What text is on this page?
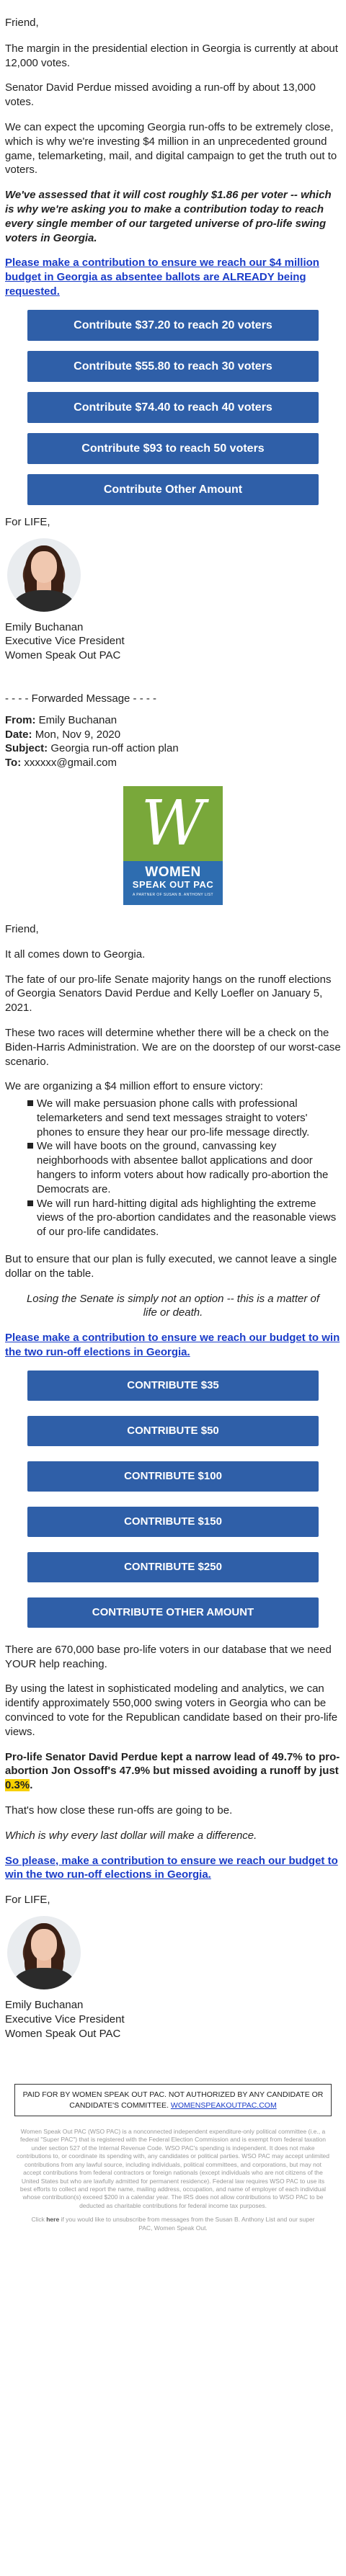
Friend,

The margin in the presidential election in Georgia is currently at about 12,000 votes.

Senator David Perdue missed avoiding a run-off by about 13,000 votes.

We can expect the upcoming Georgia run-offs to be extremely close, which is why we're investing $4 million in an unprecedented ground game, telemarketing, mail, and digital campaign to get the truth out to voters.

We've assessed that it will cost roughly $1.86 per voter -- which is why we're asking you to make a contribution today to reach every single member of our targeted universe of pro-life swing voters in Georgia.

Please make a contribution to ensure we reach our $4 million budget in Georgia as absentee ballots are ALREADY being requested.

Contribute $37.20 to reach 20 voters
Contribute $55.80 to reach 30 voters
Contribute $74.40 to reach 40 voters
Contribute $93 to reach 50 voters
Contribute Other Amount

For LIFE,

Emily Buchanan
Executive Vice President
Women Speak Out PAC
- - - - Forwarded Message - - - -
From: Emily Buchanan
Date: Mon, Nov 9, 2020
Subject: Georgia run-off action plan
To: xxxxxx@gmail.com
W
WOMEN
SPEAK OUT PAC
A PARTNER OF SUSAN B. ANTHONY LIST

Friend,

It all comes down to Georgia.

The fate of our pro-life Senate majority hangs on the runoff elections of Georgia Senators David Perdue and Kelly Loefler on January 5, 2021.

These two races will determine whether there will be a check on the Biden-Harris Administration. We are on the doorstep of our worst-case scenario.

We are organizing a $4 million effort to ensure victory:

We will make persuasion phone calls with professional telemarketers and send text messages straight to voters' phones to ensure they hear our pro-life message directly.
We will have boots on the ground, canvassing key neighborhoods with absentee ballot applications and door hangers to inform voters about how radically pro-abortion the Democrats are.
We will run hard-hitting digital ads highlighting the extreme views of the pro-abortion candidates and the reasonable views of our pro-life candidates.

But to ensure that our plan is fully executed, we cannot leave a single dollar on the table.

Losing the Senate is simply not an option -- this is a matter of life or death.

Please make a contribution to ensure we reach our budget to win the two run-off elections in Georgia.

CONTRIBUTE $35
CONTRIBUTE $50
CONTRIBUTE $100
CONTRIBUTE $150
CONTRIBUTE $250
CONTRIBUTE OTHER AMOUNT

There are 670,000 base pro-life voters in our database that we need YOUR help reaching.

By using the latest in sophisticated modeling and analytics, we can identify approximately 550,000 swing voters in Georgia who can be convinced to vote for the Republican candidate based on their pro-life views.

Pro-life Senator David Perdue kept a narrow lead of 49.7% to pro-abortion Jon Ossoff's 47.9% but missed avoiding a runoff by just 0.3%.

That's how close these run-offs are going to be.

Which is why every last dollar will make a difference.

So please, make a contribution to ensure we reach our budget to win the two run-off elections in Georgia.

For LIFE,

Emily Buchanan
Executive Vice President
Women Speak Out PAC
PAID FOR BY WOMEN SPEAK OUT PAC. NOT AUTHORIZED BY ANY CANDIDATE OR CANDIDATE'S COMMITTEE. WOMENSPEAKOUTPAC.COM
Women Speak Out PAC (WSO PAC) is a nonconnected independent expenditure-only political committee (i.e., a federal "Super PAC") that is registered with the Federal Election Commission and is exempt from federal taxation under section 527 of the Internal Revenue Code. WSO PAC's spending is independent. It does not make contributions to, or coordinate its spending with, any candidates or political parties. WSO PAC may accept unlimited contributions from any lawful source, including individuals, political committees, and corporations, but may not accept contributions from federal contractors or foreign nationals (except individuals who are not citizens of the United States but who are lawfully admitted for permanent residence). Federal law requires WSO PAC to use its best efforts to collect and report the name, mailing address, occupation, and name of employer of each individual whose contribution(s) exceed $200 in a calendar year. The IRS does not allow contributions to WSO PAC to be deducted as charitable contributions for federal income tax purposes.
Click here if you would like to unsubscribe from messages from the Susan B. Anthony List and our super PAC, Women Speak Out.
